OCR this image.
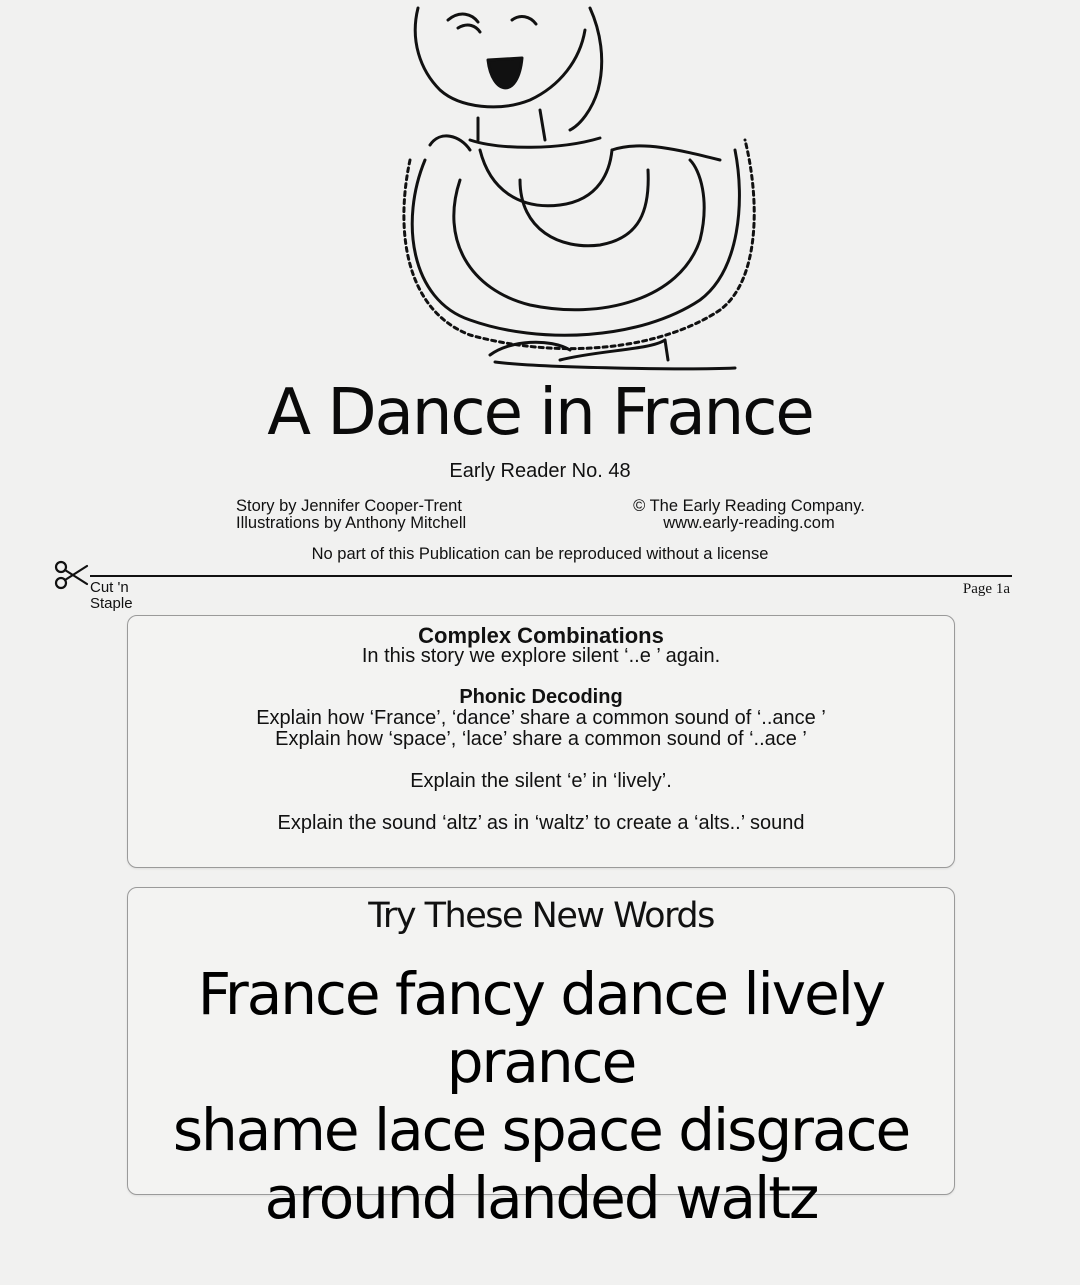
A Dance in France
Early Reader No. 48
Story by Jennifer Cooper-Trent
Illustrations by Anthony Mitchell
© The Early Reading Company.
www.early-reading.com
No part of this Publication can be reproduced without a license
Cut 'n
Staple
Page 1a
Complex Combinations
In this story we explore silent ‘..e ’ again.
Phonic Decoding
Explain how ‘France’, ‘dance’ share a common sound of ‘..ance ’
Explain how ‘space’, ‘lace’ share a common sound of ‘..ace ’
Explain the silent ‘e’ in ‘lively’.
Explain the sound ‘altz’ as in ‘waltz’ to create a ‘alts..’ sound
Try These New Words
France fancy dance lively prance
shame lace space disgrace
around landed waltz
